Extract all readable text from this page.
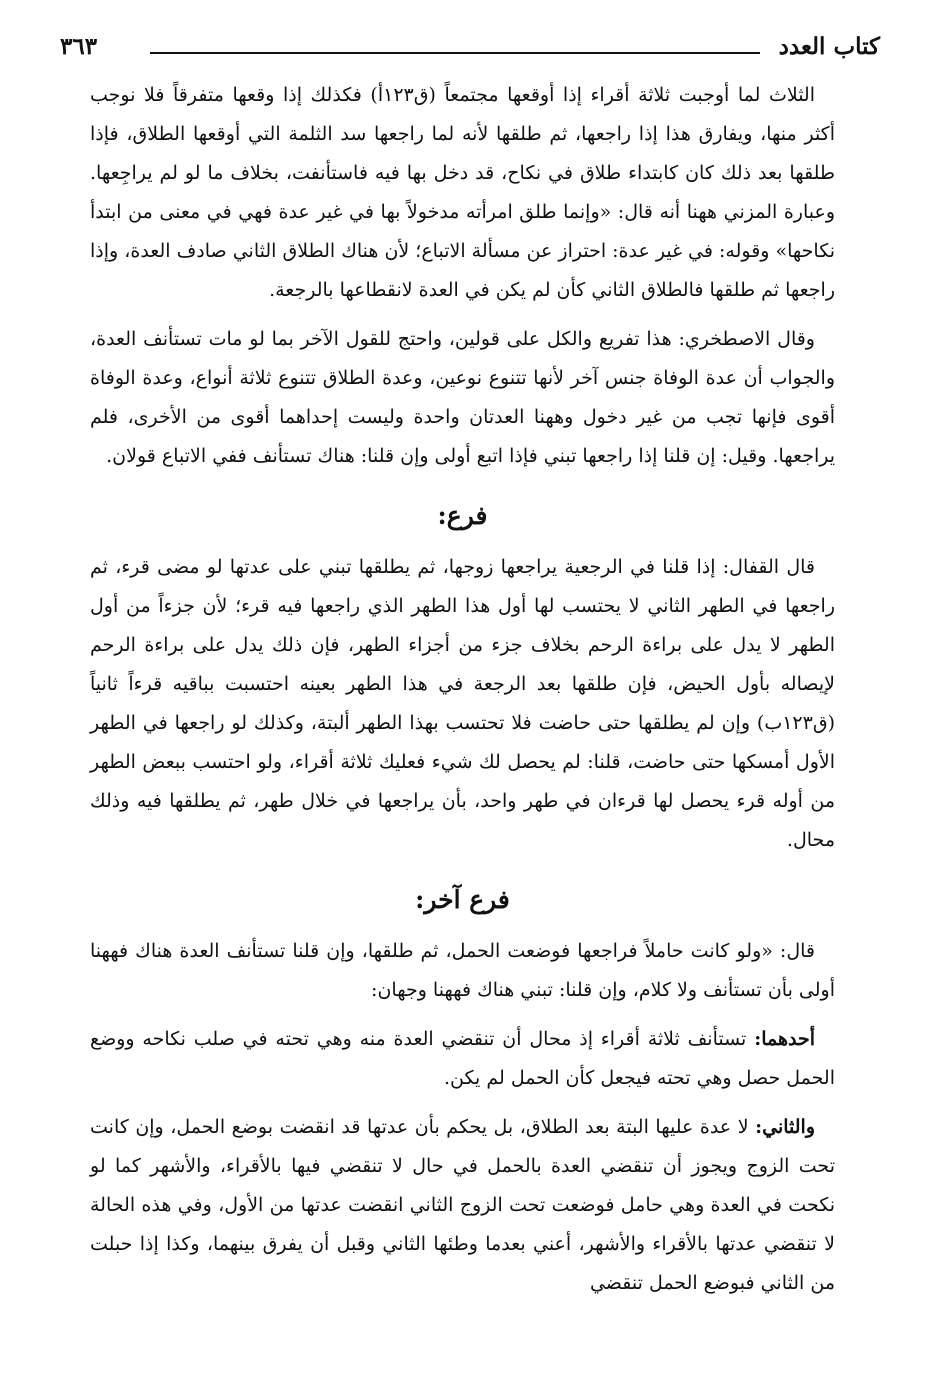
كتاب العدد
٣٦٣

الثلاث لما أوجبت ثلاثة أقراء إذا أوقعها مجتمعاً (ق١٢٣أ) فكذلك إذا وقعها متفرقاً فلا نوجب أكثر منها، ويفارق هذا إذا راجعها، ثم طلقها لأنه لما راجعها سد الثلمة التي أوقعها الطلاق، فإذا طلقها بعد ذلك كان كابتداء طلاق في نكاح، قد دخل بها فيه فاستأنفت، بخلاف ما لو لم يراجِعها. وعبارة المزني ههنا أنه قال: «وإنما طلق امرأته مدخولاً بها في غير عدة فهي في معنى من ابتدأ نكاحها» وقوله: في غير عدة: احتراز عن مسألة الاتباع؛ لأن هناك الطلاق الثاني صادف العدة، وإذا راجعها ثم طلقها فالطلاق الثاني كأن لم يكن في العدة لانقطاعها بالرجعة.

وقال الاصطخري: هذا تفريع والكل على قولين، واحتج للقول الآخر بما لو مات تستأنف العدة، والجواب أن عدة الوفاة جنس آخر لأنها تتنوع نوعين، وعدة الطلاق تتنوع ثلاثة أنواع، وعدة الوفاة أقوى فإنها تجب من غير دخول وههنا العدتان واحدة وليست إحداهما أقوى من الأخرى، فلم يراجعها. وقيل: إن قلنا إذا راجعها تبني فإذا اتبع أولى وإن قلنا: هناك تستأنف ففي الاتباع قولان.

فرع:

قال القفال: إذا قلنا في الرجعية يراجعها زوجها، ثم يطلقها تبني على عدتها لو مضى قرء، ثم راجعها في الطهر الثاني لا يحتسب لها أول هذا الطهر الذي راجعها فيه قرء؛ لأن جزءاً من أول الطهر لا يدل على براءة الرحم بخلاف جزء من أجزاء الطهر، فإن ذلك يدل على براءة الرحم لإيصاله بأول الحيض، فإن طلقها بعد الرجعة في هذا الطهر بعينه احتسبت بباقيه قرءاً ثانياً (ق١٢٣ب) وإن لم يطلقها حتى حاضت فلا تحتسب بهذا الطهر ألبتة، وكذلك لو راجعها في الطهر الأول أمسكها حتى حاضت، قلنا: لم يحصل لك شيء فعليك ثلاثة أقراء، ولو احتسب ببعض الطهر من أوله قرء يحصل لها قرءان في طهر واحد، بأن يراجعها في خلال طهر، ثم يطلقها فيه وذلك محال.

فرع آخر:

قال: «ولو كانت حاملاً فراجعها فوضعت الحمل، ثم طلقها، وإن قلنا تستأنف العدة هناك فههنا أولى بأن تستأنف ولا كلام، وإن قلنا: تبني هناك فههنا وجهان:

أحدهما: تستأنف ثلاثة أقراء إذ محال أن تنقضي العدة منه وهي تحته في صلب نكاحه ووضع الحمل حصل وهي تحته فيجعل كأن الحمل لم يكن.

والثاني: لا عدة عليها البتة بعد الطلاق، بل يحكم بأن عدتها قد انقضت بوضع الحمل، وإن كانت تحت الزوج ويجوز أن تنقضي العدة بالحمل في حال لا تنقضي فيها بالأقراء، والأشهر كما لو نكحت في العدة وهي حامل فوضعت تحت الزوج الثاني انقضت عدتها من الأول، وفي هذه الحالة لا تنقضي عدتها بالأقراء والأشهر، أعني بعدما وطئها الثاني وقبل أن يفرق بينهما، وكذا إذا حبلت من الثاني فبوضع الحمل تنقضي
